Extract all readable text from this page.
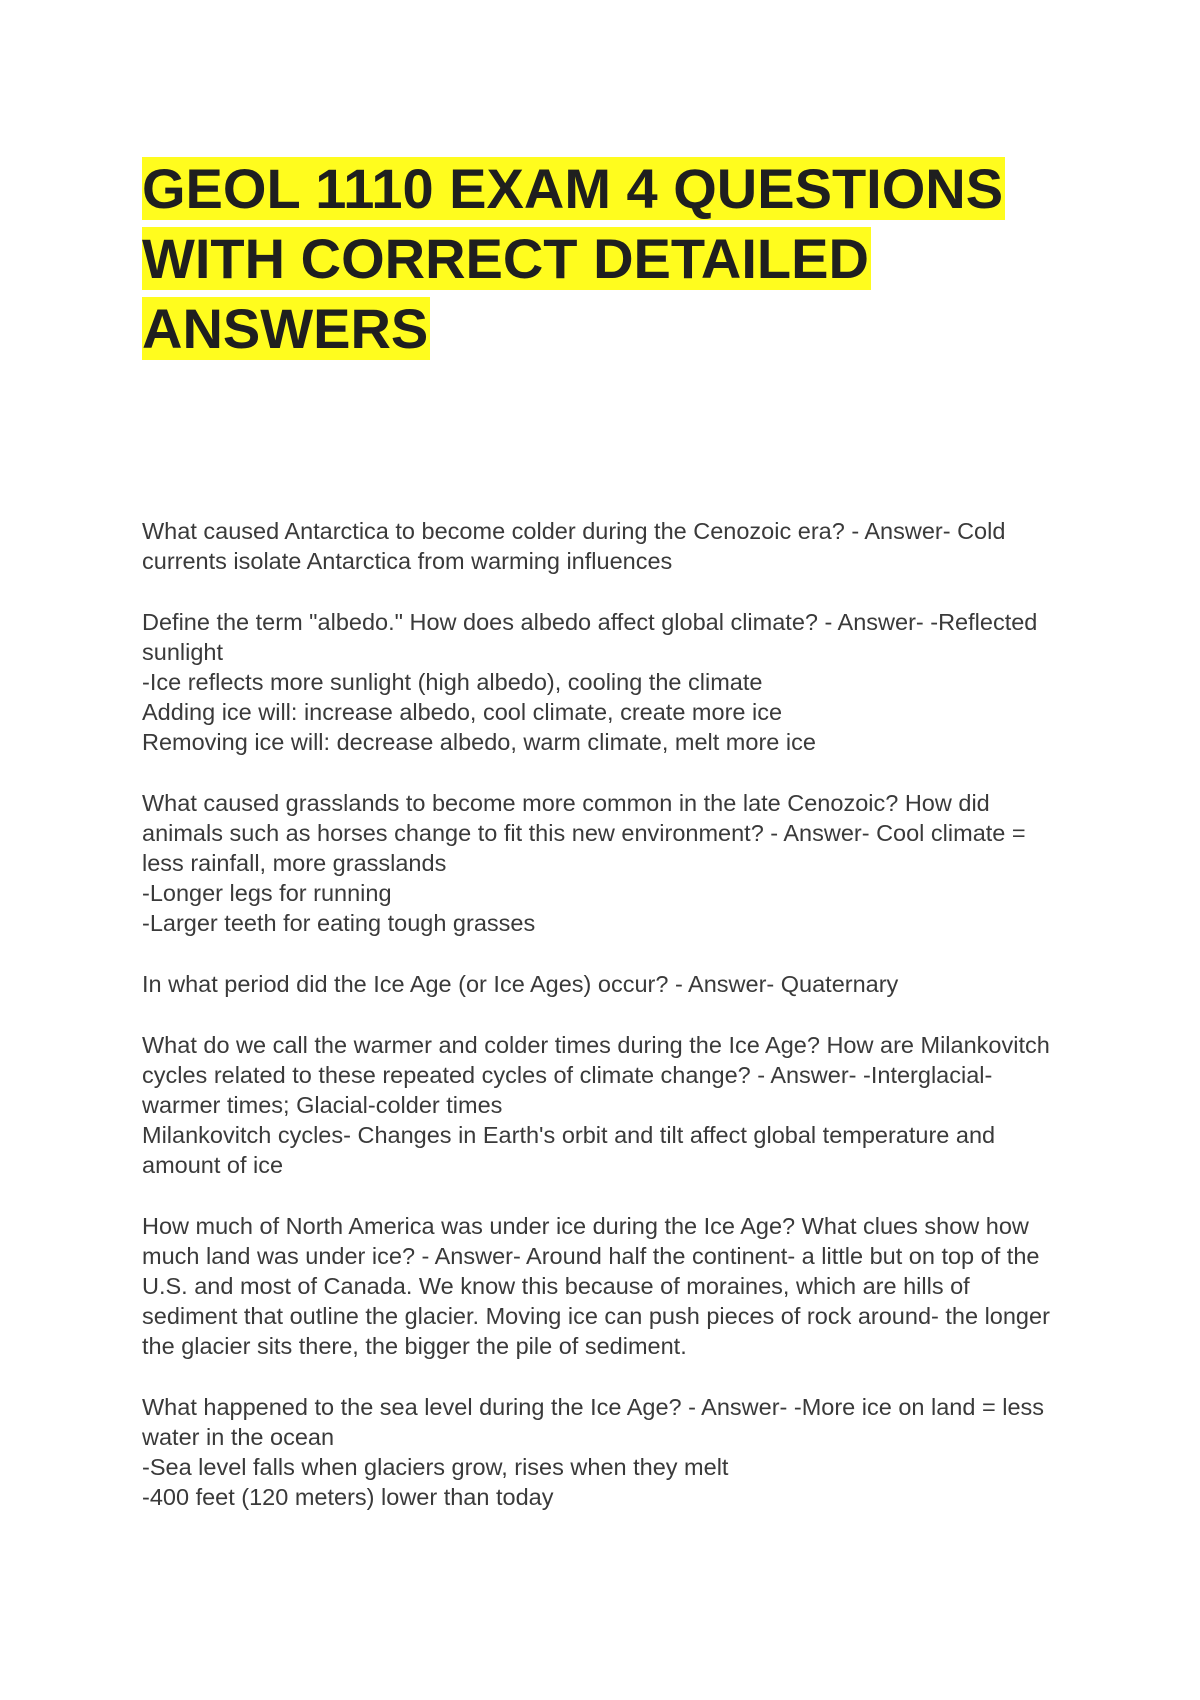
GEOL 1110 EXAM 4 QUESTIONS
WITH CORRECT DETAILED
ANSWERS
What caused Antarctica to become colder during the Cenozoic era? - Answer- Cold
currents isolate Antarctica from warming influences
Define the term "albedo." How does albedo affect global climate? - Answer- -Reflected
sunlight
-Ice reflects more sunlight (high albedo), cooling the climate
Adding ice will: increase albedo, cool climate, create more ice
Removing ice will: decrease albedo, warm climate, melt more ice
What caused grasslands to become more common in the late Cenozoic? How did
animals such as horses change to fit this new environment? - Answer- Cool climate =
less rainfall, more grasslands
-Longer legs for running
-Larger teeth for eating tough grasses
In what period did the Ice Age (or Ice Ages) occur? - Answer- Quaternary
What do we call the warmer and colder times during the Ice Age? How are Milankovitch
cycles related to these repeated cycles of climate change? - Answer- -Interglacial-
warmer times; Glacial-colder times
Milankovitch cycles- Changes in Earth's orbit and tilt affect global temperature and
amount of ice
How much of North America was under ice during the Ice Age? What clues show how
much land was under ice? - Answer- Around half the continent- a little but on top of the
U.S. and most of Canada. We know this because of moraines, which are hills of
sediment that outline the glacier. Moving ice can push pieces of rock around- the longer
the glacier sits there, the bigger the pile of sediment.
What happened to the sea level during the Ice Age? - Answer- -More ice on land = less
water in the ocean
-Sea level falls when glaciers grow, rises when they melt
-400 feet (120 meters) lower than today
